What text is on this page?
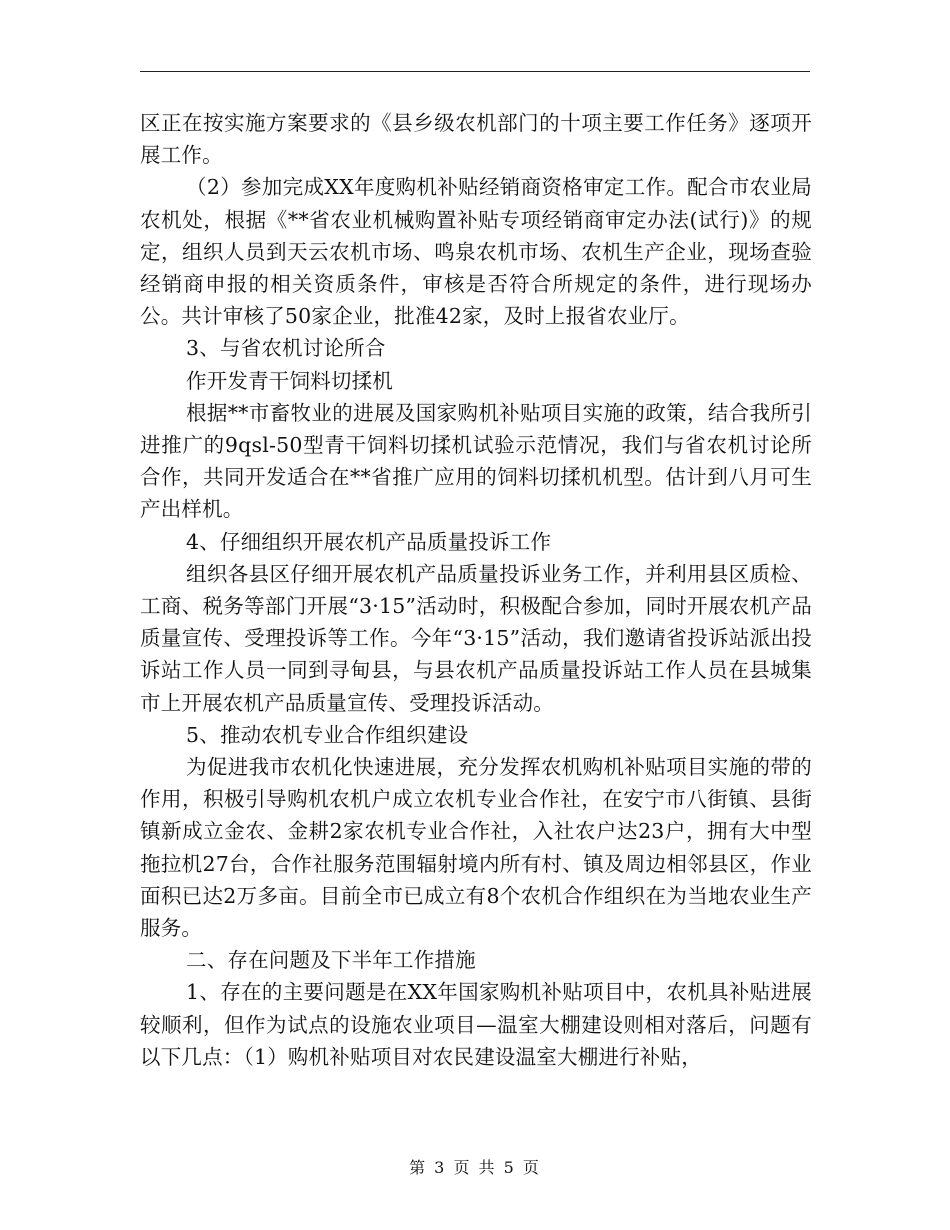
区正在按实施方案要求的《县乡级农机部门的十项主要工作任务》逐项开展工作。

（2）参加完成XX年度购机补贴经销商资格审定工作。配合市农业局农机处，根据《**省农业机械购置补贴专项经销商审定办法(试行)》的规定，组织人员到天云农机市场、鸣泉农机市场、农机生产企业，现场查验经销商申报的相关资质条件，审核是否符合所规定的条件，进行现场办公。共计审核了50家企业，批准42家，及时上报省农业厅。

3、与省农机讨论所合

作开发青干饲料切揉机

根据**市畜牧业的进展及国家购机补贴项目实施的政策，结合我所引进推广的9qsl-50型青干饲料切揉机试验示范情况，我们与省农机讨论所合作，共同开发适合在**省推广应用的饲料切揉机机型。估计到八月可生产出样机。

4、仔细组织开展农机产品质量投诉工作

组织各县区仔细开展农机产品质量投诉业务工作，并利用县区质检、工商、税务等部门开展“3·15”活动时，积极配合参加，同时开展农机产品质量宣传、受理投诉等工作。今年“3·15”活动，我们邀请省投诉站派出投诉站工作人员一同到寻甸县，与县农机产品质量投诉站工作人员在县城集市上开展农机产品质量宣传、受理投诉活动。

5、推动农机专业合作组织建设

为促进我市农机化快速进展，充分发挥农机购机补贴项目实施的带的作用，积极引导购机农机户成立农机专业合作社，在安宁市八街镇、县街镇新成立金农、金耕2家农机专业合作社，入社农户达23户，拥有大中型拖拉机27台，合作社服务范围辐射境内所有村、镇及周边相邻县区，作业面积已达2万多亩。目前全市已成立有8个农机合作组织在为当地农业生产服务。

二、存在问题及下半年工作措施

1、存在的主要问题是在XX年国家购机补贴项目中，农机具补贴进展较顺利，但作为试点的设施农业项目—温室大棚建设则相对落后，问题有以下几点：（1）购机补贴项目对农民建设温室大棚进行补贴，

第 3 页 共 5 页
